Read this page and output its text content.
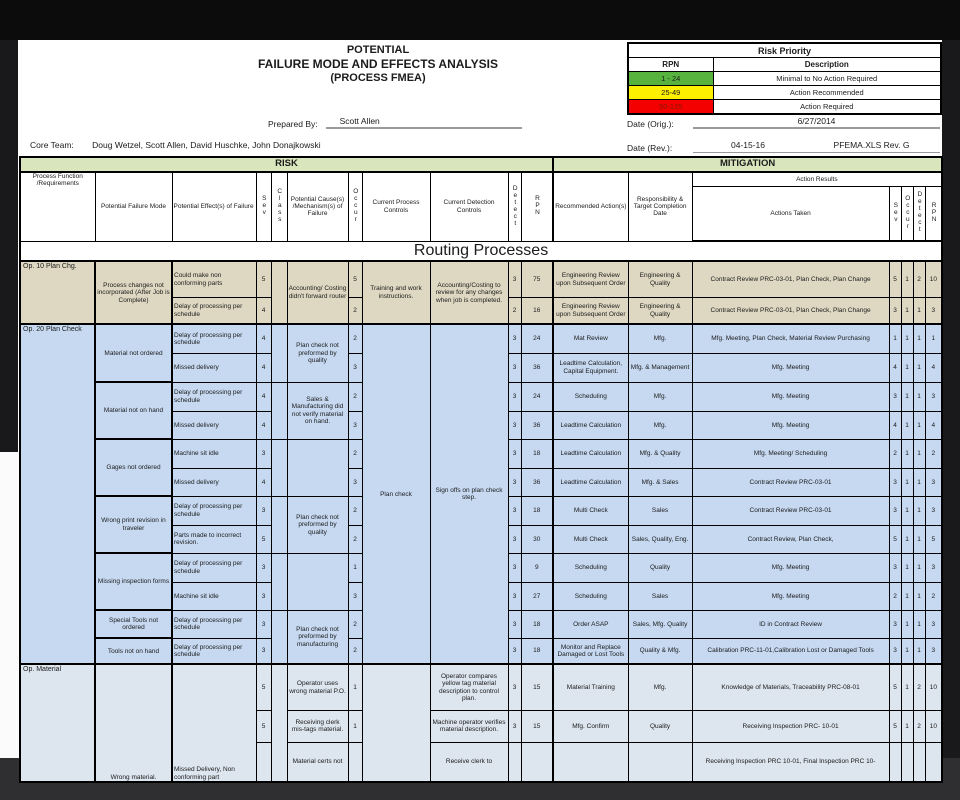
POTENTIAL
FAILURE MODE AND EFFECTS ANALYSIS
(PROCESS FMEA)
Risk Priority	
RPN	Description
1 - 24	Minimal to No Action Required
25-49	Action Recommended
50-125	Action Required
Prepared By:	Scott Allen	Date (Orig.):	6/27/2014
Core Team: Doug Wetzel, Scott Allen, David Huschke, John Donajkowski	Date (Rev.):	04-15-16	PFEMA.XLS Rev. G
RISK											MITIGATION						
Process Function /Requirements	Potential Failure Mode	Potential Effect(s) of Failure	Sev	Class	Potential Cause(s) /Mechanism(s) of Failure	Occur	Current Process Controls	Current Detection Controls	Detect	RPN	Recommended Action(s)	Responsibility & Target Completion Date	Action Results				
													Actions Taken	Sev	Occur	Detect	RPN
Routing Processes																	
Op. 10 Plan Chg.	Process changes not incorporated (After Job is Complete)	Could make non conforming parts	5		Accounting/ Costing didn't forward router	5	Training and work instructions.	Accounting/Costing to review for any changes when job is completed.	3	75	Engineering Review upon Subsequent Order	Engineering & Quality	Contract Review PRC-03-01, Plan Check, Plan Change	5	1	2	10
		Delay of processing per schedule	4			2			2	16	Engineering Review upon Subsequent Order	Engineering & Quality	Contract Review PRC-03-01, Plan Check, Plan Change	3	1	1	3
Op. 20 Plan Check	Material not ordered	Delay of processing per schedule	4		Plan check not preformed by quality	2	Plan check	Sign offs on plan check step.	3	24	Mat Review	Mfg.	Mfg. Meeting, Plan Check, Material Review Purchasing	1	1	1	1
		Missed delivery	4			3			3	36	Leadtime Calculation, Capital Equipment.	Mfg. & Management	Mfg. Meeting	4	1	1	4
	Material not on hand	Delay of processing per schedule	4		Sales & Manufacturing did not verify material on hand.	2			3	24	Scheduling	Mfg.	Mfg. Meeting	3	1	1	3
		Missed delivery	4			3			3	36	Leadtime Calculation	Mfg.	Mfg. Meeting	4	1	1	4
	Gages not ordered	Machine sit idle	3			2			3	18	Leadtime Calculation	Mfg. & Quality	Mfg. Meeting/ Scheduling	2	1	1	2
		Missed delivery	4			3			3	36	Leadtime Calculation	Mfg. & Sales	Contract Review PRC-03-01	3	1	1	3
	Wrong print revision in traveler	Delay of processing per schedule	3		Plan check not preformed by quality	2			3	18	Multi Check	Sales	Contract Review PRC-03-01	3	1	1	3
		Parts made to incorrect revision.	5			2			3	30	Multi Check	Sales, Quality, Eng.	Contract Review, Plan Check,	5	1	1	5
	Missing inspection forms	Delay of processing per schedule	3			1			3	9	Scheduling	Quality	Mfg. Meeting	3	1	1	3
		Machine sit idle	3			3			3	27	Scheduling	Sales	Mfg. Meeting	2	1	1	2
	Special Tools not ordered	Delay of processing per schedule	3		Plan check not preformed by manufacturing	2			3	18	Order ASAP	Sales, Mfg. Quality	ID in Contract Review	3	1	1	3
	Tools not on hand	Delay of processing per schedule	3			2			3	18	Monitor and Replace Damaged or Lost Tools	Quality & Mfg.	Calibration PRC-11-01,Calibration Lost or Damaged Tools	3	1	1	3
Op. Material	Wrong material.	Missed Delivery, Non conforming part	5		Operator uses wrong material P.O.	1		Operator compares yellow tag material description to control plan.	3	15	Material Training	Mfg.	Knowledge of Materials, Traceability PRC-08-01	5	1	2	10
			5		Receiving clerk mis-tags material.	1		Machine operator verifies material description.	3	15	Mfg. Confirm	Quality	Receiving Inspection PRC- 10-01	5	1	2	10
					Material certs not			Receive clerk to					Receiving Inspection PRC 10-01, Final Inspection PRC 10-				
